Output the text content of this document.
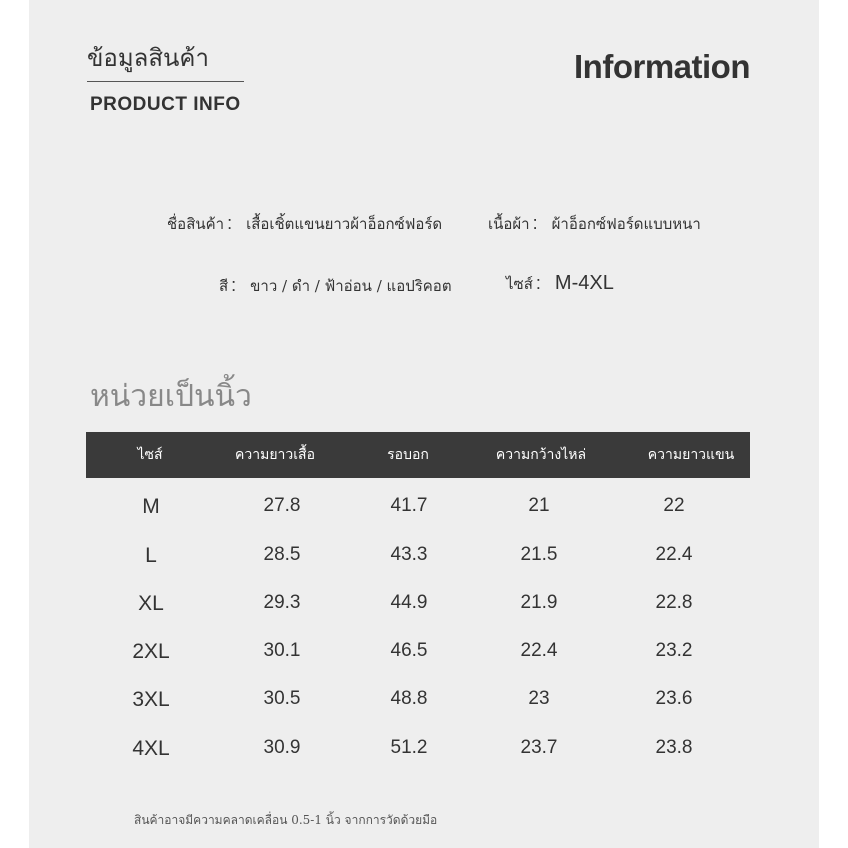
ข้อมูลสินค้า
PRODUCT INFO
Information
ชื่อสินค้า : เสื้อเชิ้ตแขนยาวผ้าอ็อกซ์ฟอร์ด	เนื้อผ้า : ผ้าอ็อกซ์ฟอร์ดแบบหนา
สี : ขาว / ดำ / ฟ้าอ่อน / แอปริคอต	ไซส์ : M-4XL
หน่วยเป็นนิ้ว
ไซส์	ความยาวเสื้อ	รอบอก	ความกว้างไหล่	ความยาวแขน
M	27.8	41.7	21	22
L	28.5	43.3	21.5	22.4
XL	29.3	44.9	21.9	22.8
2XL	30.1	46.5	22.4	23.2
3XL	30.5	48.8	23	23.6
4XL	30.9	51.2	23.7	23.8
สินค้าอาจมีความคลาดเคลื่อน 0.5-1 นิ้ว จากการวัดด้วยมือ
